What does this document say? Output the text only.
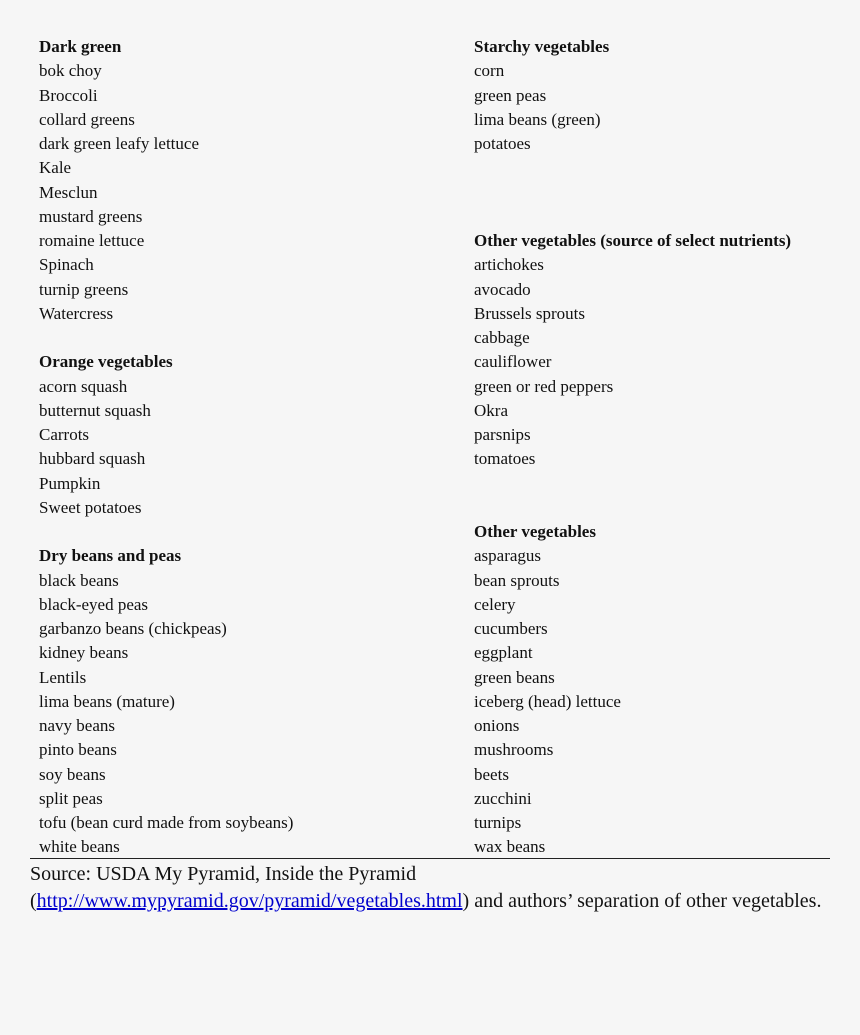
Dark green
bok choy
Broccoli
collard greens
dark green leafy lettuce
Kale
Mesclun
mustard greens
romaine lettuce
Spinach
turnip greens
Watercress
Orange vegetables
acorn squash
butternut squash
Carrots
hubbard squash
Pumpkin
Sweet potatoes
Dry beans and peas
black beans
black-eyed peas
garbanzo beans (chickpeas)
kidney beans
Lentils
lima beans (mature)
navy beans
pinto beans
soy beans
split peas
tofu (bean curd made from soybeans)
white beans
Starchy vegetables
corn
green peas
lima beans (green)
potatoes
Other vegetables (source of select nutrients)
artichokes
avocado
Brussels sprouts
cabbage
cauliflower
green or red peppers
Okra
parsnips
tomatoes
Other vegetables
asparagus
bean sprouts
celery
cucumbers
eggplant
green beans
iceberg (head) lettuce
onions
mushrooms
beets
zucchini
turnips
wax beans
Source: USDA My Pyramid, Inside the Pyramid (http://www.mypyramid.gov/pyramid/vegetables.html) and authors’ separation of other vegetables.
